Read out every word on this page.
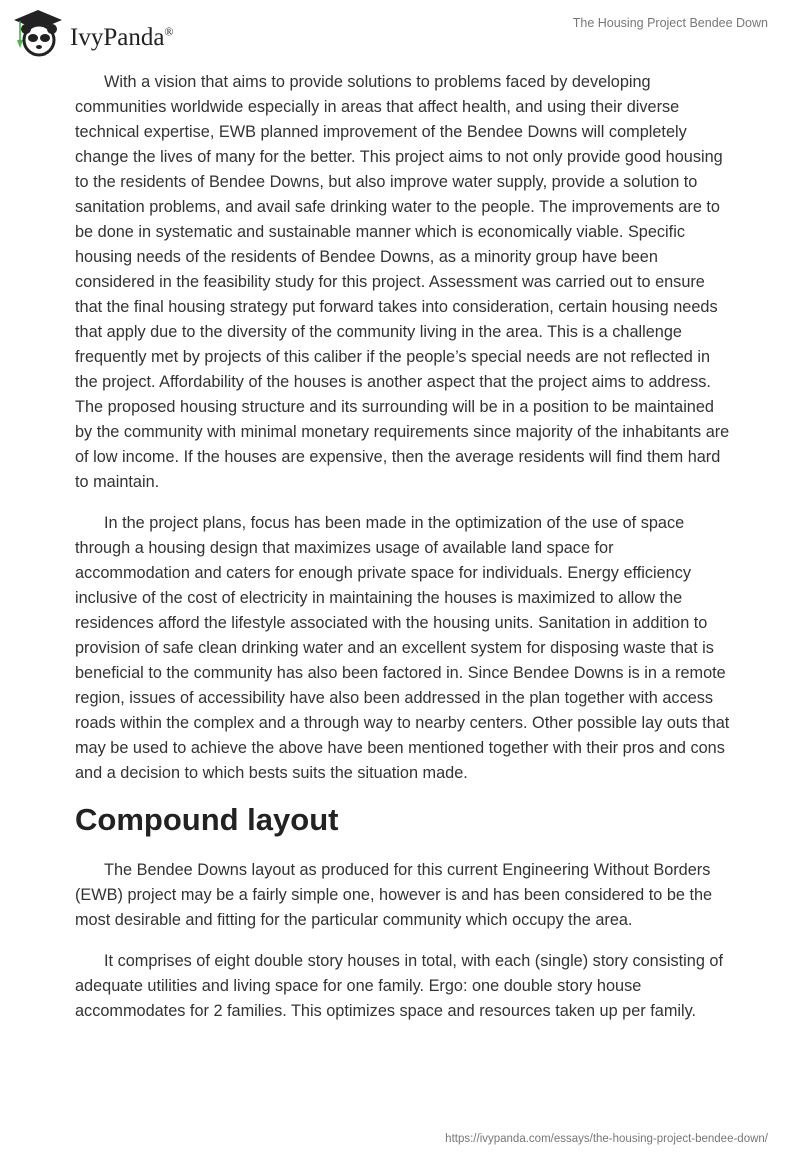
IvyPanda®
The Housing Project Bendee Down

With a vision that aims to provide solutions to problems faced by developing communities worldwide especially in areas that affect health, and using their diverse technical expertise, EWB planned improvement of the Bendee Downs will completely change the lives of many for the better. This project aims to not only provide good housing to the residents of Bendee Downs, but also improve water supply, provide a solution to sanitation problems, and avail safe drinking water to the people. The improvements are to be done in systematic and sustainable manner which is economically viable. Specific housing needs of the residents of Bendee Downs, as a minority group have been considered in the feasibility study for this project. Assessment was carried out to ensure that the final housing strategy put forward takes into consideration, certain housing needs that apply due to the diversity of the community living in the area. This is a challenge frequently met by projects of this caliber if the people’s special needs are not reflected in the project. Affordability of the houses is another aspect that the project aims to address. The proposed housing structure and its surrounding will be in a position to be maintained by the community with minimal monetary requirements since majority of the inhabitants are of low income. If the houses are expensive, then the average residents will find them hard to maintain.

In the project plans, focus has been made in the optimization of the use of space through a housing design that maximizes usage of available land space for accommodation and caters for enough private space for individuals. Energy efficiency inclusive of the cost of electricity in maintaining the houses is maximized to allow the residences afford the lifestyle associated with the housing units. Sanitation in addition to provision of safe clean drinking water and an excellent system for disposing waste that is beneficial to the community has also been factored in. Since Bendee Downs is in a remote region, issues of accessibility have also been addressed in the plan together with access roads within the complex and a through way to nearby centers. Other possible lay outs that may be used to achieve the above have been mentioned together with their pros and cons and a decision to which bests suits the situation made.

Compound layout

The Bendee Downs layout as produced for this current Engineering Without Borders (EWB) project may be a fairly simple one, however is and has been considered to be the most desirable and fitting for the particular community which occupy the area.

It comprises of eight double story houses in total, with each (single) story consisting of adequate utilities and living space for one family. Ergo: one double story house accommodates for 2 families. This optimizes space and resources taken up per family.

https://ivypanda.com/essays/the-housing-project-bendee-down/
